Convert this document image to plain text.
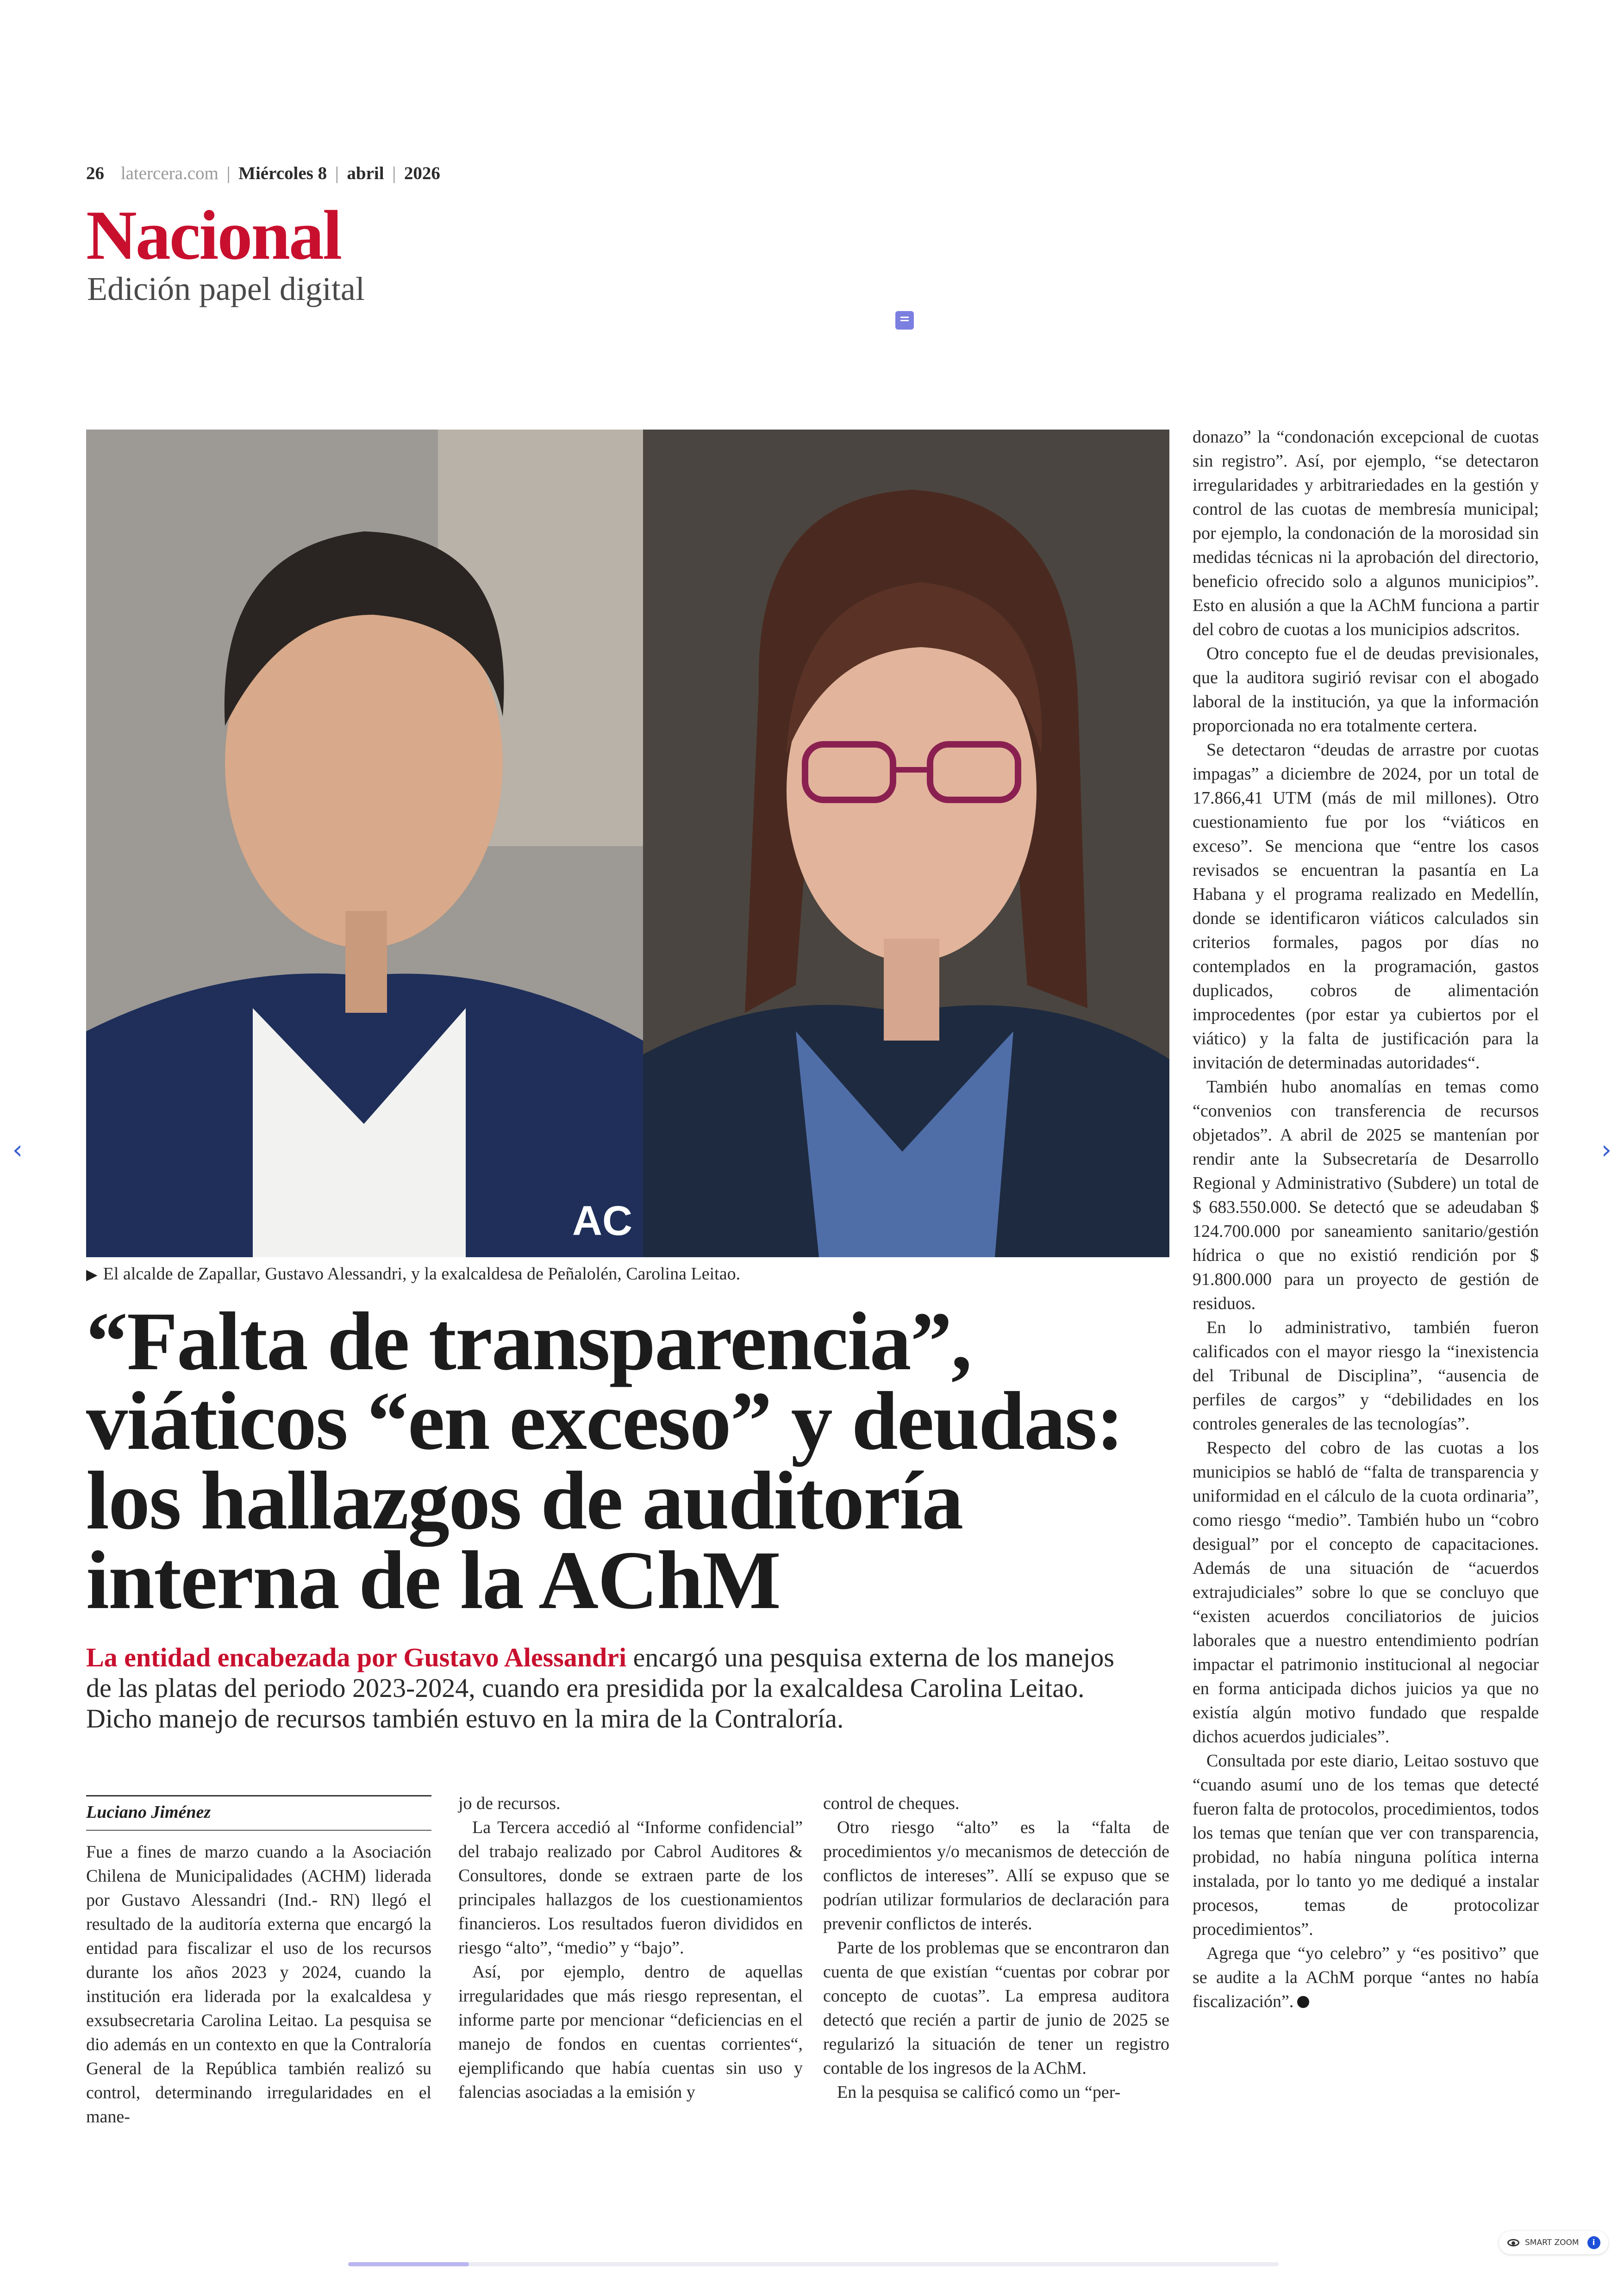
26 latercera.com | Miércoles 8 | abril | 2026
Nacional
Edición papel digital
AC
▶ El alcalde de Zapallar, Gustavo Alessandri, y la exalcaldesa de Peñalolén, Carolina Leitao.
“Falta de transparencia”,
viáticos “en exceso” y deudas:
los hallazgos de auditoría
interna de la AChM

La entidad encabezada por Gustavo Alessandri encargó una pesquisa externa de los manejos de las platas del periodo 2023-2024, cuando era presidida por la exalcaldesa Carolina Leitao. Dicho manejo de recursos también estuvo en la mira de la Contraloría.

Luciano Jiménez

Fue a fines de marzo cuando a la Asociación Chilena de Municipalidades (ACHM) liderada por Gustavo Alessandri (Ind.- RN) llegó el resultado de la auditoría externa que encargó la entidad para fiscalizar el uso de los recursos durante los años 2023 y 2024, cuando la institución era liderada por la exalcaldesa y exsubsecretaria Carolina Leitao. La pesquisa se dio además en un contexto en que la Contraloría General de la República también realizó su control, determinando irregularidades en el mane-

jo de recursos.

La Tercera accedió al “Informe confidencial” del trabajo realizado por Cabrol Auditores & Consultores, donde se extraen parte de los principales hallazgos de los cuestionamientos financieros. Los resultados fueron divididos en riesgo “alto”, “medio” y “bajo”.

Así, por ejemplo, dentro de aquellas irregularidades que más riesgo representan, el informe parte por mencionar “deficiencias en el manejo de fondos en cuentas corrientes“, ejemplificando que había cuentas sin uso y falencias asociadas a la emisión y

control de cheques.

Otro riesgo “alto” es la “falta de procedimientos y/o mecanismos de detección de conflictos de intereses”. Allí se expuso que se podrían utilizar formularios de declaración para prevenir conflictos de interés.

Parte de los problemas que se encontraron dan cuenta de que existían “cuentas por cobrar por concepto de cuotas”. La empresa auditora detectó que recién a partir de junio de 2025 se regularizó la situación de tener un registro contable de los ingresos de la AChM.

En la pesquisa se calificó como un “per-

donazo” la “condonación excepcional de cuotas sin registro”. Así, por ejemplo, “se detectaron irregularidades y arbitrariedades en la gestión y control de las cuotas de membresía municipal; por ejemplo, la condonación de la morosidad sin medidas técnicas ni la aprobación del directorio, beneficio ofrecido solo a algunos municipios”. Esto en alusión a que la AChM funciona a partir del cobro de cuotas a los municipios adscritos.

Otro concepto fue el de deudas previsionales, que la auditora sugirió revisar con el abogado laboral de la institución, ya que la información proporcionada no era totalmente certera.

Se detectaron “deudas de arrastre por cuotas impagas” a diciembre de 2024, por un total de 17.866,41 UTM (más de mil millones). Otro cuestionamiento fue por los “viáticos en exceso”. Se menciona que “entre los casos revisados se encuentran la pasantía en La Habana y el programa realizado en Medellín, donde se identificaron viáticos calculados sin criterios formales, pagos por días no contemplados en la programación, gastos duplicados, cobros de alimentación improcedentes (por estar ya cubiertos por el viático) y la falta de justificación para la invitación de determinadas autoridades“.

También hubo anomalías en temas como “convenios con transferencia de recursos objetados”. A abril de 2025 se mantenían por rendir ante la Subsecretaría de Desarrollo Regional y Administrativo (Subdere) un total de $ 683.550.000. Se detectó que se adeudaban $ 124.700.000 por saneamiento sanitario/gestión hídrica o que no existió rendición por $ 91.800.000 para un proyecto de gestión de residuos.

En lo administrativo, también fueron calificados con el mayor riesgo la “inexistencia del Tribunal de Disciplina”, “ausencia de perfiles de cargos” y “debilidades en los controles generales de las tecnologías”.

Respecto del cobro de las cuotas a los municipios se habló de “falta de transparencia y uniformidad en el cálculo de la cuota ordinaria”, como riesgo “medio”. También hubo un “cobro desigual” por el concepto de capacitaciones. Además de una situación de “acuerdos extrajudiciales” sobre lo que se concluyo que “existen acuerdos conciliatorios de juicios laborales que a nuestro entendimiento podrían impactar el patrimonio institucional al negociar en forma anticipada dichos juicios ya que no existía algún motivo fundado que respalde dichos acuerdos judiciales”.

Consultada por este diario, Leitao sostuvo que “cuando asumí uno de los temas que detecté fueron falta de protocolos, procedimientos, todos los temas que tenían que ver con transparencia, probidad, no había ninguna política interna instalada, por lo tanto yo me dediqué a instalar procesos, temas de protocolizar procedimientos”.

Agrega que “yo celebro” y “es positivo” que se audite a la AChM porque “antes no había fiscalización”.

‹	›
SMART ZOOM	i
